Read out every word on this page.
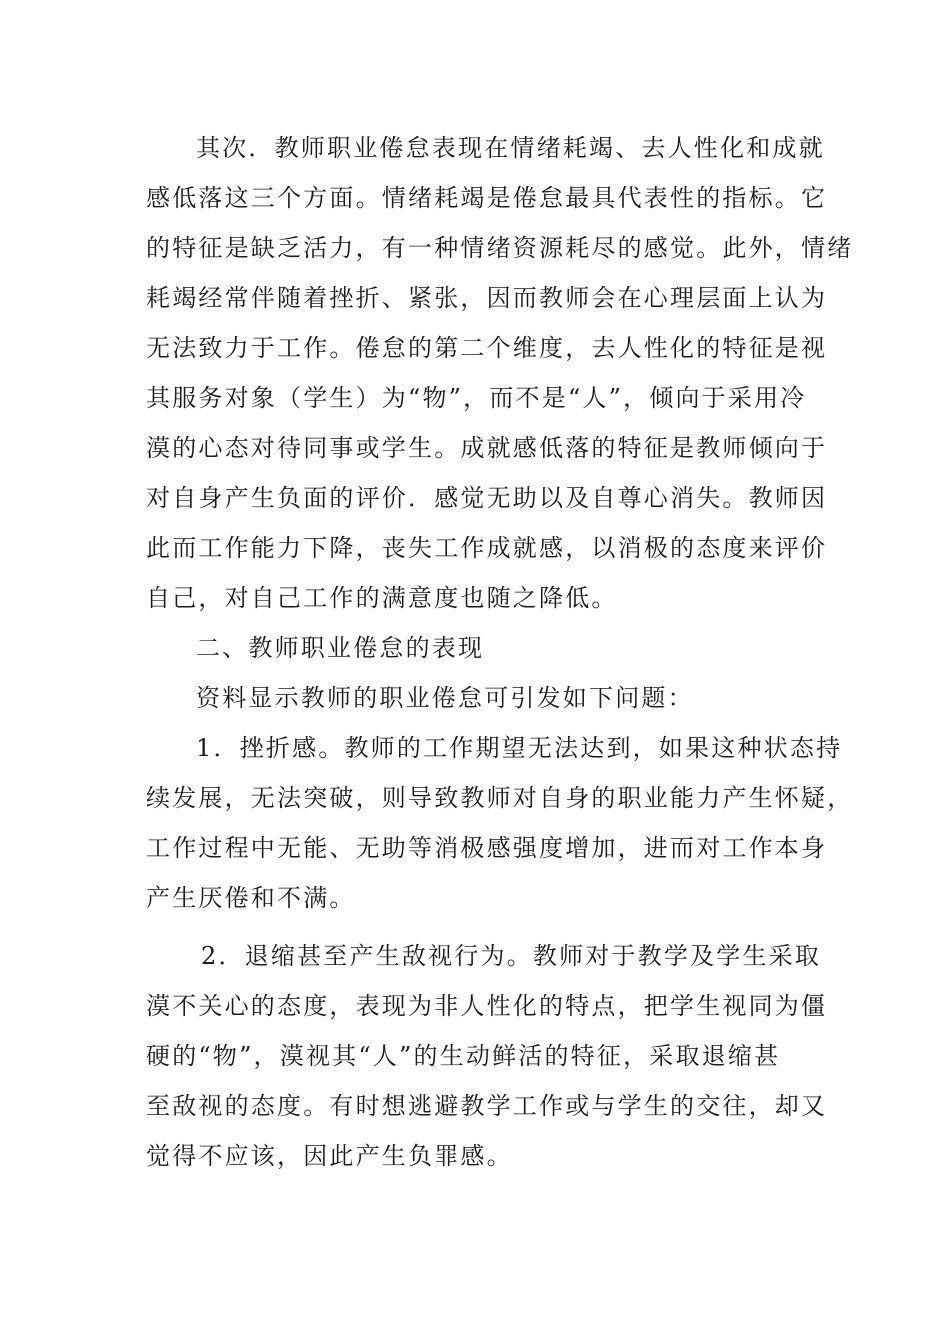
其次．教师职业倦怠表现在情绪耗竭、去人性化和成就
感低落这三个方面。情绪耗竭是倦怠最具代表性的指标。它
的特征是缺乏活力，有一种情绪资源耗尽的感觉。此外，情绪
耗竭经常伴随着挫折、紧张，因而教师会在心理层面上认为
无法致力于工作。倦怠的第二个维度，去人性化的特征是视
其服务对象（学生）为“物”，而不是“人”，倾向于采用冷
漠的心态对待同事或学生。成就感低落的特征是教师倾向于
对自身产生负面的评价．感觉无助以及自尊心消失。教师因
此而工作能力下降，丧失工作成就感，以消极的态度来评价
自己，对自己工作的满意度也随之降低。
二、教师职业倦怠的表现
资料显示教师的职业倦怠可引发如下问题：
1．挫折感。教师的工作期望无法达到，如果这种状态持
续发展，无法突破，则导致教师对自身的职业能力产生怀疑，
工作过程中无能、无助等消极感强度增加，进而对工作本身
产生厌倦和不满。
2．退缩甚至产生敌视行为。教师对于教学及学生采取
漠不关心的态度，表现为非人性化的特点，把学生视同为僵
硬的“物”，漠视其“人”的生动鲜活的特征，采取退缩甚
至敌视的态度。有时想逃避教学工作或与学生的交往，却又
觉得不应该，因此产生负罪感。
